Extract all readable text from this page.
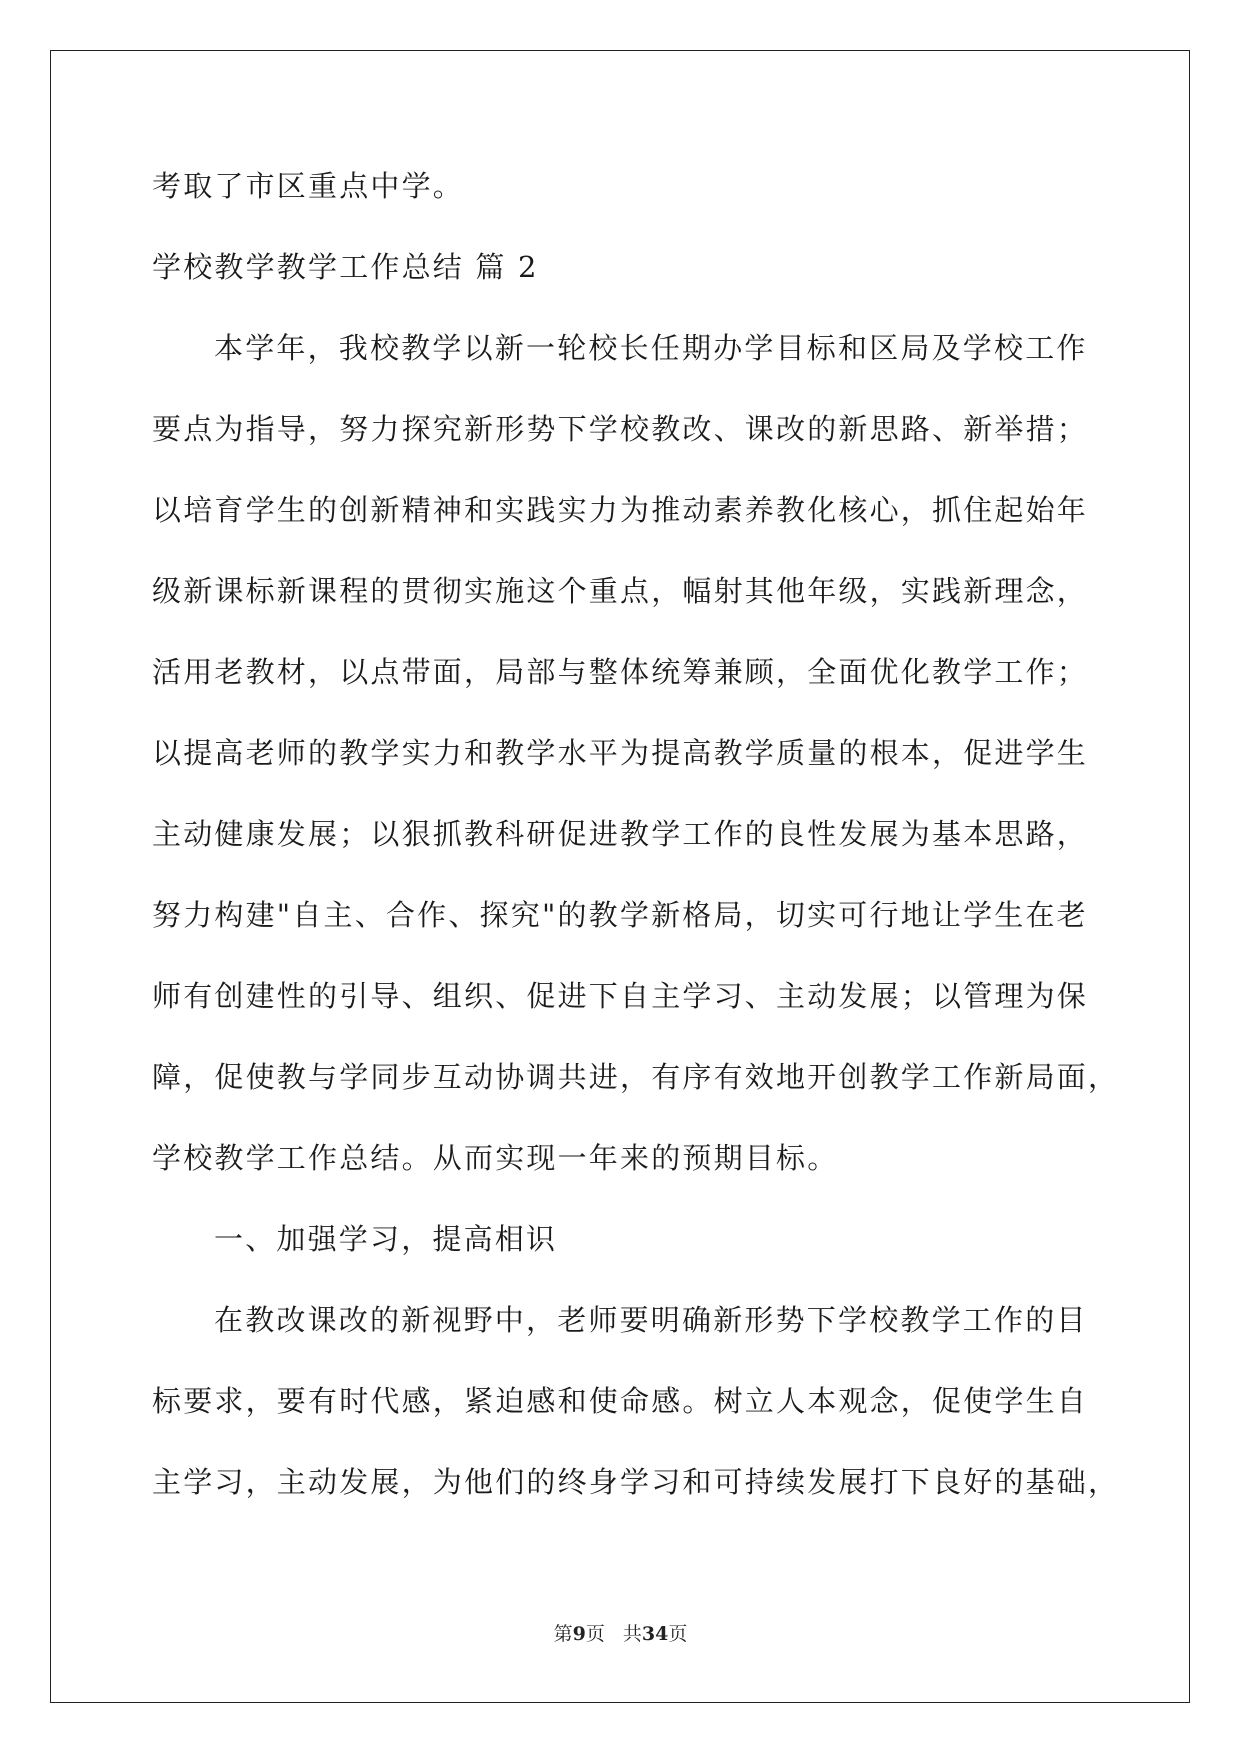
考取了市区重点中学。
学校教学教学工作总结 篇 2
本学年，我校教学以新一轮校长任期办学目标和区局及学校工作
要点为指导，努力探究新形势下学校教改、课改的新思路、新举措；
以培育学生的创新精神和实践实力为推动素养教化核心，抓住起始年
级新课标新课程的贯彻实施这个重点，幅射其他年级，实践新理念，
活用老教材，以点带面，局部与整体统筹兼顾，全面优化教学工作；
以提高老师的教学实力和教学水平为提高教学质量的根本，促进学生
主动健康发展；以狠抓教科研促进教学工作的良性发展为基本思路，
努力构建"自主、合作、探究"的教学新格局，切实可行地让学生在老
师有创建性的引导、组织、促进下自主学习、主动发展；以管理为保
障，促使教与学同步互动协调共进，有序有效地开创教学工作新局面，
学校教学工作总结。从而实现一年来的预期目标。
一、加强学习，提高相识
在教改课改的新视野中，老师要明确新形势下学校教学工作的目
标要求，要有时代感，紧迫感和使命感。树立人本观念，促使学生自
主学习，主动发展，为他们的终身学习和可持续发展打下良好的基础，
第9页 共34页
